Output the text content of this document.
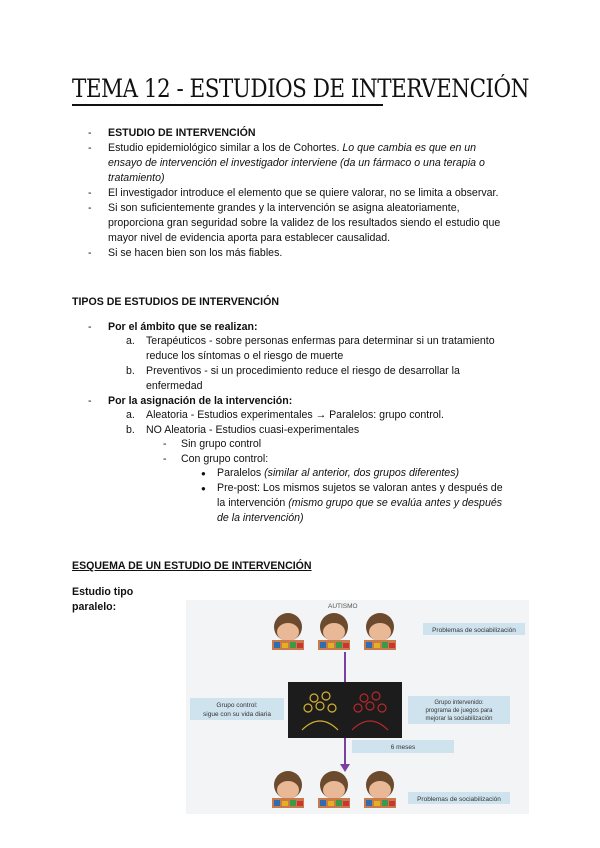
TEMA 12 - ESTUDIOS DE INTERVENCIÓN
- ESTUDIO DE INTERVENCIÓN
- Estudio epidemiológico similar a los de Cohortes. Lo que cambia es que en un
ensayo de intervención el investigador interviene (da un fármaco o una terapia o
tratamiento)
- El investigador introduce el elemento que se quiere valorar, no se limita a observar.
- Si son suficientemente grandes y la intervención se asigna aleatoriamente,
proporciona gran seguridad sobre la validez de los resultados siendo el estudio que
mayor nivel de evidencia aporta para establecer causalidad.
- Si se hacen bien son los más fiables.
TIPOS DE ESTUDIOS DE INTERVENCIÓN
- Por el ámbito que se realizan:
a. Terapéuticos - sobre personas enfermas para determinar si un tratamiento
reduce los síntomas o el riesgo de muerte
b. Preventivos - si un procedimiento reduce el riesgo de desarrollar la
enfermedad
- Por la asignación de la intervención:
a. Aleatoria - Estudios experimentales → Paralelos: grupo control.
b. NO Aleatoria - Estudios cuasi-experimentales
- Sin grupo control
- Con grupo control:
● Paralelos (similar al anterior, dos grupos diferentes)
● Pre-post: Los mismos sujetos se valoran antes y después de
la intervención (mismo grupo que se evalúa antes y después
de la intervención)
ESQUEMA DE UN ESTUDIO DE INTERVENCIÓN
Estudio tipo
paralelo:	AUTISMO
Problemas de sociabilización
Grupo control:
sigue con su vida diaria
Grupo intervenido:
programa de juegos para
mejorar la sociabilización
6 meses
Problemas de sociabilización
